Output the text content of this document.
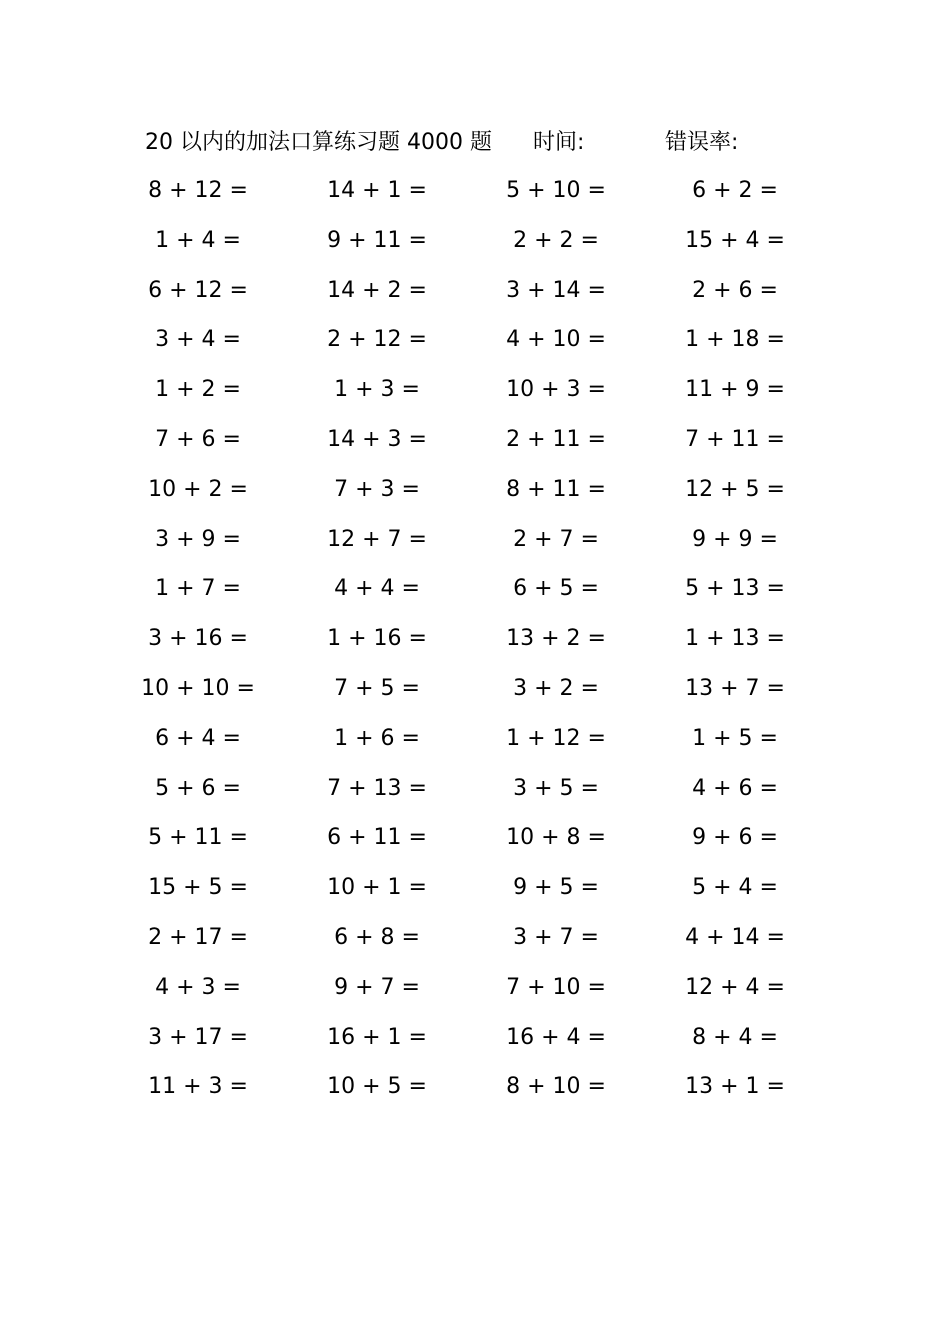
20 以内的加法口算练习题 4000 题 时间:	错误率:
8 + 12 =	14 + 1 =	5 + 10 =	6 + 2 =
1 + 4 =	9 + 11 =	2 + 2 =	15 + 4 =
6 + 12 =	14 + 2 =	3 + 14 =	2 + 6 =
3 + 4 =	2 + 12 =	4 + 10 =	1 + 18 =
1 + 2 =	1 + 3 =	10 + 3 =	11 + 9 =
7 + 6 =	14 + 3 =	2 + 11 =	7 + 11 =
10 + 2 =	7 + 3 =	8 + 11 =	12 + 5 =
3 + 9 =	12 + 7 =	2 + 7 =	9 + 9 =
1 + 7 =	4 + 4 =	6 + 5 =	5 + 13 =
3 + 16 =	1 + 16 =	13 + 2 =	1 + 13 =
10 + 10 =	7 + 5 =	3 + 2 =	13 + 7 =
6 + 4 =	1 + 6 =	1 + 12 =	1 + 5 =
5 + 6 =	7 + 13 =	3 + 5 =	4 + 6 =
5 + 11 =	6 + 11 =	10 + 8 =	9 + 6 =
15 + 5 =	10 + 1 =	9 + 5 =	5 + 4 =
2 + 17 =	6 + 8 =	3 + 7 =	4 + 14 =
4 + 3 =	9 + 7 =	7 + 10 =	12 + 4 =
3 + 17 =	16 + 1 =	16 + 4 =	8 + 4 =
11 + 3 =	10 + 5 =	8 + 10 =	13 + 1 =
